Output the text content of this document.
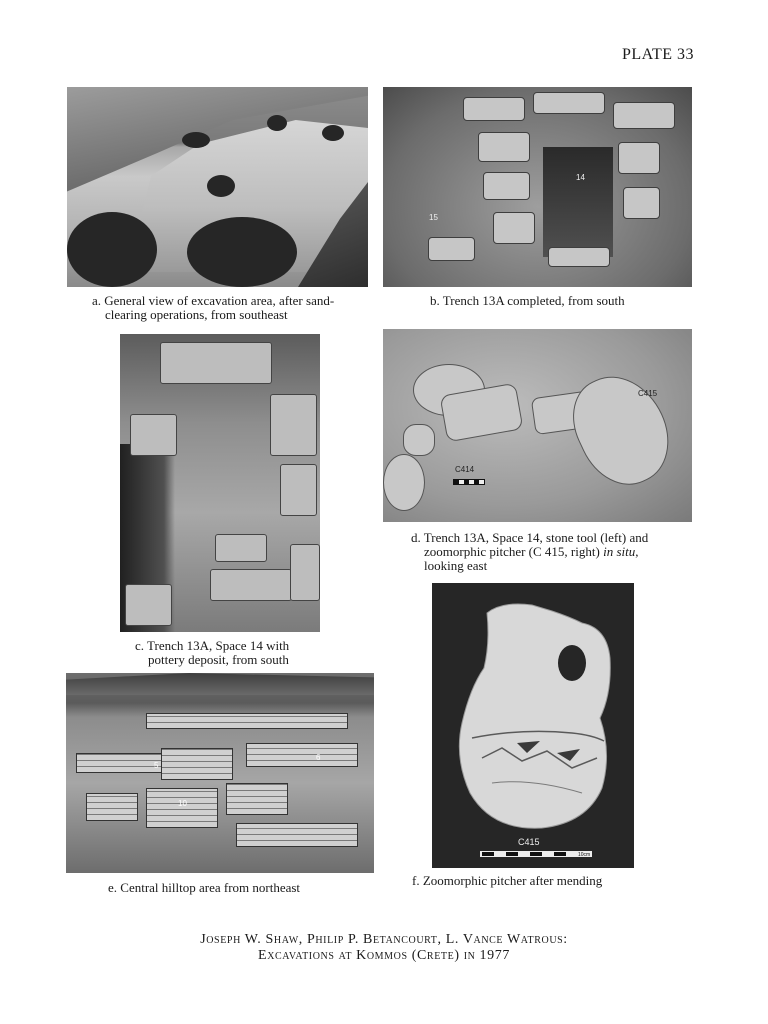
PLATE 33
a. General view of excavation area, after sand-
clearing operations, from southeast
14
15
b. Trench 13A completed, from south
c. Trench 13A, Space 14 with
pottery deposit, from south
C415
C414
d. Trench 13A, Space 14, stone tool (left) and
zoomorphic pitcher (C 415, right) in situ,
looking east
5
6
10
e. Central hilltop area from northeast
C415
10cm
f. Zoomorphic pitcher after mending
Joseph W. Shaw, Philip P. Betancourt, L. Vance Watrous:
Excavations at Kommos (Crete) in 1977
